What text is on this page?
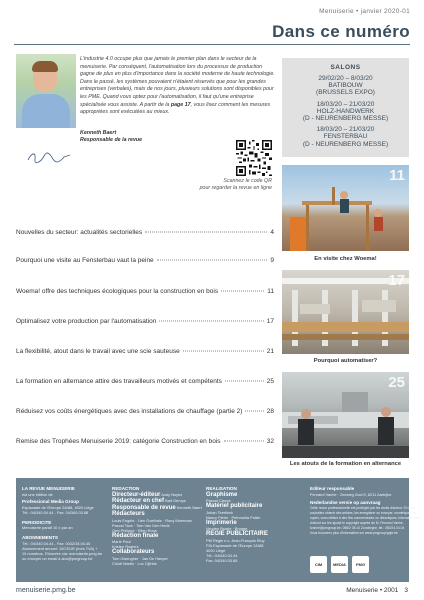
Menuiserie • janvier 2020-01
Dans ce numéro
L'industrie 4.0 occupe plus que jamais le premier plan dans le secteur de la menuiserie. Par conséquent, l'automatisation lors du processus de production gagne de plus en plus d'importance dans la société moderne de haute technologie. Dans le passé, les systèmes pouvaient n'étaient réservés que pour les grandes entreprises (verbales), mais de nos jours, plusieurs solutions sont disponibles pour les PME. Quand vous optez pour l'automatisation, il faut qu'une entreprise spécialisée vous assiste. A partir de la page 17, vous lisez comment les mesures appropriées sont exécutées au mieux.
Kenneth Baert
Responsable de la revue
Scannez le code QR
pour regarder la revue en ligne
SALONS
29/02/20 – 8/03/20
BATIBOUW
(BRUSSELS EXPO)
18/03/20 – 21/03/20
HOLZ-HANDWERK
(D - NEURENBERG MESSE)
18/03/20 – 21/03/20
FENSTERBAU
(D - NEURENBERG MESSE)
Nouvelles du secteur: actualités sectorielles	4
Pourquoi une visite au Fensterbau vaut la peine	9
Woema! offre des techniques écologiques pour la construction en bois	11
Optimalisez votre production par l'automatisation	17
La flexibilité, atout dans le travail avec une scie sauteuse	21
La formation en alternance attire des travailleurs motivés et compétents	25
Réduisez vos coûts énergétiques avec des installations de chauffage (partie 2)	28
Remise des Trophées Menuiserie 2019: catégorie Construction en bois	32
11
En visite chez Woema!
17
Pourquoi automatiser?
25
Les atouts de la formation en alternance
LA REVUE MENUISERIE
est une édition de
Professional Media Group
Esplanade de l'Europe 2A/88, 4020 Liège
Tél.: 04/340.04.44 - Fax: 04/340.03.88
PERIODICITE
Menuiserie paraît 10 x par an
ABONNEMENTS
Tél.: 04/340.04.44 - Fax: 0032/34.04.45
Abonnement annuel: 100 EUR (hors TVA) +
10 numéros. D'inscrire via: menuiserie.pmg.be
ou envoyer un email à abo@pmgroup.be
REDACTION
Directeur-éditeur Andy Nuyez
Rédacteur en chef Bart Deruys
Responsable de revue Kenneth Baert
Rédacteurs
Louis Engels · Lien Goethals · Rony Moerman
Pascal Tack · Tom Van Den Hede
Gert Philippe · Ellen Roos
Rédaction finale
Marie Paul
Kristen Rogiers
Collaborateurs
Tom Gisengher · Jan De Haeyer
Chloë Martin · Luc Cijfrids
REALISATION
Graphisme
Pascal Claeys
Matériel publicitaire
Johan Teerlinck
Nancy Pierin · Petronella Potter
Imprimerie
Vanden Broele · Brugge
REGIE PUBLICITAIRE
PM Regie n.v. Jean-François Eloy
P/A Esplanade de l'Europe 2A/88
4020 Liège
Tél.: 04/340.04.44
Fax: 04/340.03.88
Editeur responsable
Fernand Vanhe · Zeeweg Zuid 5, 8211 Aartrijke
Nederlandse versie op aanvraag
Cette revue professionnelle est protégée par les droits d'auteur. Si vous
souhaitez obtenir des articles, les enregistrer ou envoyer, numériquer, les
copier, vous utiliser à des fins commerciales ou didactiques, informationnels
d'abord sur les ajouté le copyright auprès de M. Fernand Vanhe,
fvanhe@pmgroup.be, 056/2 35.10 Zonderghe, tél.: 050/24.04.04
Vous trouverez plus d'information sur www.pmgroup/gdpr.be
CIM	MEDIA	PMG
menuiserie.pmg.be	Menuiserie • 2001 3
